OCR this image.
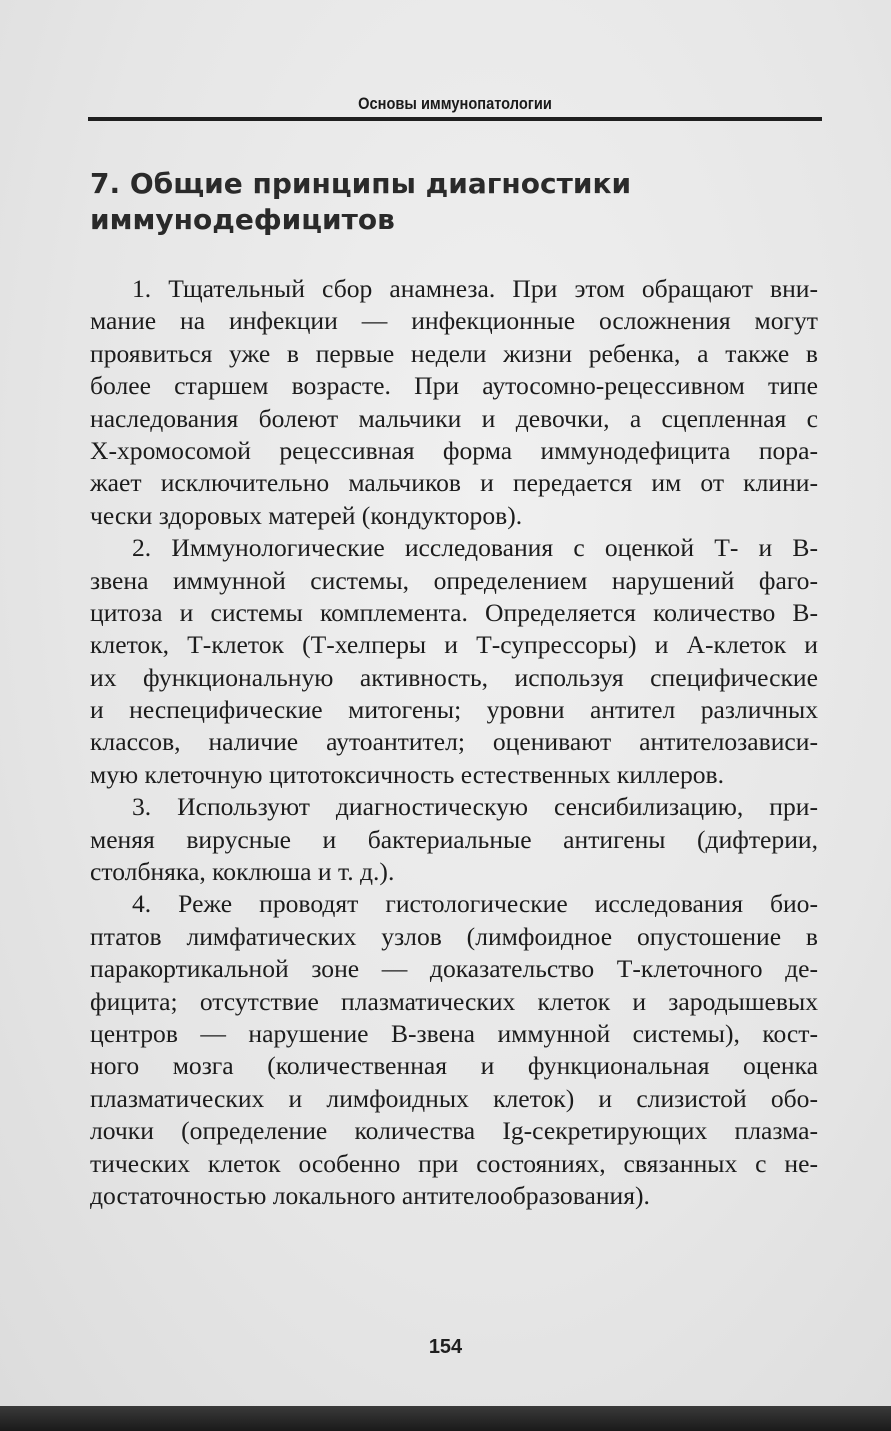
Основы иммунопатологии
7. Общие принципы диагностики
иммунодефицитов
1. Тщательный сбор анамнеза. При этом обращают вни-
мание на инфекции — инфекционные осложнения могут
проявиться уже в первые недели жизни ребенка, а также в
более старшем возрасте. При аутосомно-рецессивном типе
наследования болеют мальчики и девочки, а сцепленная с
Х-хромосомой рецессивная форма иммунодефицита пора-
жает исключительно мальчиков и передается им от клини-
чески здоровых матерей (кондукторов).
2. Иммунологические исследования с оценкой Т- и В-
звена иммунной системы, определением нарушений фаго-
цитоза и системы комплемента. Определяется количество В-
клеток, Т-клеток (Т-хелперы и Т-супрессоры) и А-клеток и
их функциональную активность, используя специфические
и неспецифические митогены; уровни антител различных
классов, наличие аутоантител; оценивают антителозависи-
мую клеточную цитотоксичность естественных киллеров.
3. Используют диагностическую сенсибилизацию, при-
меняя вирусные и бактериальные антигены (дифтерии,
столбняка, коклюша и т. д.).
4. Реже проводят гистологические исследования био-
птатов лимфатических узлов (лимфоидное опустошение в
паракортикальной зоне — доказательство Т-клеточного де-
фицита; отсутствие плазматических клеток и зародышевых
центров — нарушение В-звена иммунной системы), кост-
ного мозга (количественная и функциональная оценка
плазматических и лимфоидных клеток) и слизистой обо-
лочки (определение количества Ig-секретирующих плазма-
тических клеток особенно при состояниях, связанных с не-
достаточностью локального антителообразования).
154
